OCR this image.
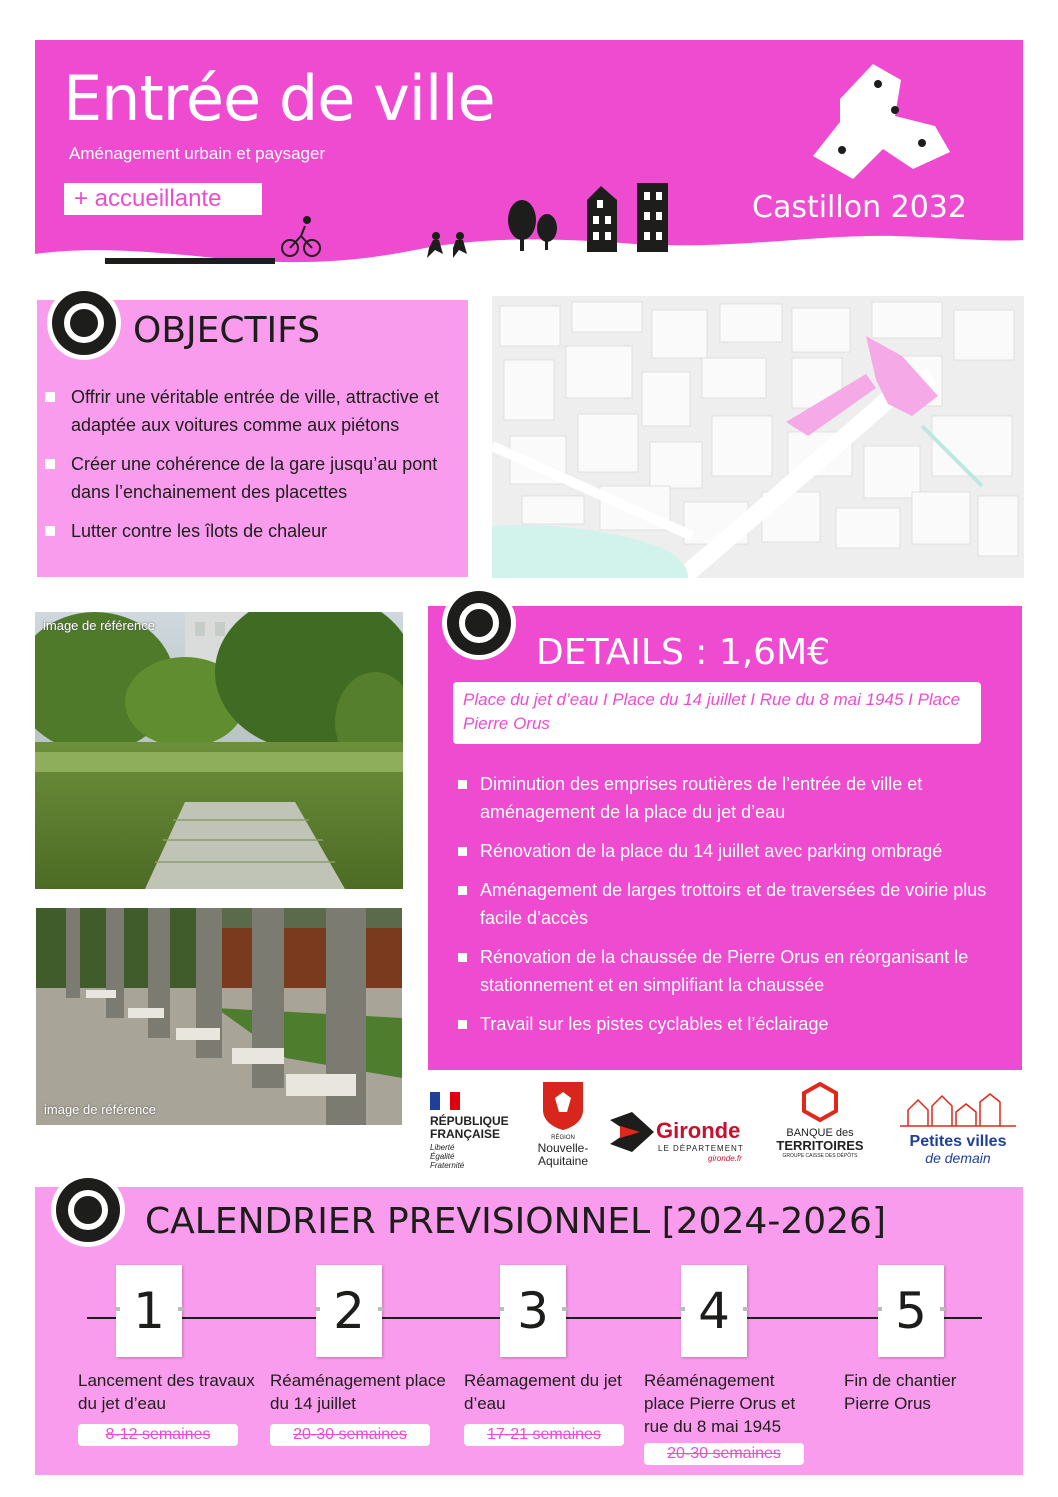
Entrée de ville
Aménagement urbain et paysager
+ accueillante	Castillon 2032
OBJECTIFS
Offrir une véritable entrée de ville, attractive et adaptée aux voitures comme aux piétons
Créer une cohérence de la gare jusqu’au pont dans l’enchainement des placettes
Lutter contre les îlots de chaleur
image de référence
image de référence
DETAILS : 1,6M€
Place du jet d’eau I Place du 14 juillet I Rue du 8 mai 1945 I Place Pierre Orus
Diminution des emprises routières de l’entrée de ville et aménagement de la place du jet d’eau
Rénovation de la place du 14 juillet avec parking ombragé
Aménagement de larges trottoirs et de traversées de voirie plus facile d’accès
Rénovation de la chaussée de Pierre Orus en réorganisant le stationnement et en simplifiant la chaussée
Travail sur les pistes cyclables et l’éclairage
RÉPUBLIQUE
FRANÇAISE
Liberté
Égalité
Fraternité
RÉGION
Nouvelle-
Aquitaine
Gironde
LE DÉPARTEMENT
gironde.fr
BANQUE des
TERRITOIRES
GROUPE CAISSE DES DÉPÔTS
Petites villes
de demain
CALENDRIER PREVISIONNEL [2024-2026]
1
Lancement des travaux du jet d’eau
8-12 semaines
2
Réaménagement place du 14 juillet
20-30 semaines
3
Réamagement du jet d’eau
17-21 semaines
4
Réaménagement place Pierre Orus et rue du 8 mai 1945
20-30 semaines
5
Fin de chantier Pierre Orus
